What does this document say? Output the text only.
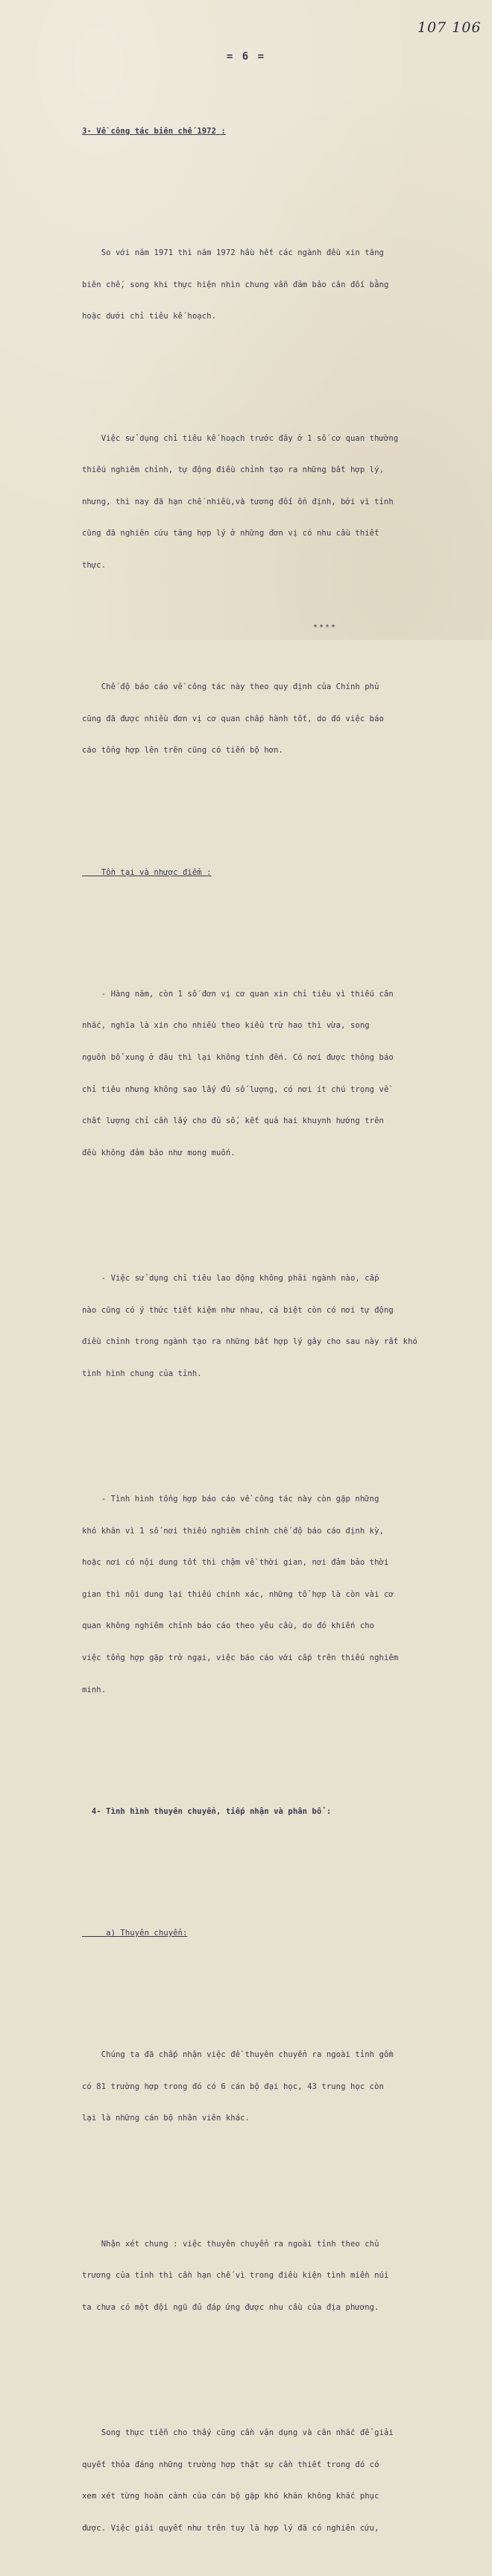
107 106
= 6 =

3- Về công tác biên chế 1972 :

So với năm 1971 thì năm 1972 hầu hết các ngành đều xin tăng

biên chế, song khi thực hiện nhìn chung vẫn đảm bảo cân đối bằng

hoặc dưới chỉ tiêu kế hoạch.

Việc sử dụng chỉ tiêu kế hoạch trước đây ở 1 số cơ quan thường

thiếu nghiêm chỉnh, tự động điều chỉnh tạo ra những bất hợp lý,

nhưng, thì nay đã hạn chế nhiều,và tương đối ổn định, bởi vì tỉnh

cũng đã nghiên cứu tăng hợp lý ở những đơn vị có nhu cầu thiết

thực.

Chế độ báo cáo về công tác này theo quy định của Chính phủ

cũng đã được nhiều đơn vị cơ quan chấp hành tốt, do đó việc báo

cáo tổng hợp lên trên cũng có tiến bộ hơn.

Tồn tại và nhược điểm :

- Hàng năm, còn 1 số đơn vị cơ quan xin chỉ tiêu vì thiếu cân

nhắc, nghĩa là xin cho nhiều theo kiểu trừ hao thì vừa, song

nguồn bổ xung ở đâu thì lại không tính đến. Có nơi được thông báo

chỉ tiêu nhưng không sao lấy đủ số lượng, có nơi ít chú trọng về

chất lượng chỉ cần lấy cho đủ số, kết quả hai khuynh hướng trên

đều không đảm bảo như mong muốn.

- Việc sử dụng chỉ tiêu lao động không phải ngành nào, cấp

nào cũng có ý thức tiết kiệm như nhau, cá biệt còn có nơi tự động

điều chỉnh trong ngành tạo ra những bất hợp lý gây cho sau này rất khó

tình hình chung của tỉnh.

- Tình hình tổng hợp báo cáo về công tác này còn gặp những

khó khăn vì 1 số nơi thiếu nghiêm chỉnh chế độ báo cáo định kỳ,

hoặc nơi có nội dung tốt thì chậm về thời gian, nơi đảm bảo thời

gian thì nội dung lại thiếu chính xác, những tổ hợp là còn vài cơ

quan không nghiêm chỉnh báo cáo theo yêu cầu, do đó khiến cho

việc tổng hợp gặp trở ngại, việc báo cáo với cấp trên thiếu nghiêm

minh.

4- Tình hình thuyên chuyển, tiếp nhận và phân bổ :

a) Thuyên chuyển:

Chúng ta đã chấp nhận việc đề thuyên chuyển ra ngoài tỉnh gồm

có 81 trường hợp trong đó có 6 cán bộ đại học, 43 trung học còn

lại là những cán bộ nhân viên khác.

Nhận xét chung : việc thuyên chuyển ra ngoài tỉnh theo chủ

trương của tỉnh thì cần hạn chế vì trong điều kiện tình miền núi

ta chưa có một đội ngũ đủ đáp ứng được nhu cầu của địa phương.

Song thực tiễn cho thấy cũng cần vận dụng và cân nhắc để giải

quyết thỏa đáng những trường hợp thật sự cần thiết trong đó có

xem xét từng hoàn cảnh của cán bộ gặp khó khăn không khắc phục

được. Việc giải quyết như trên tuy là hợp lý đã có nghiên cứu,

****
